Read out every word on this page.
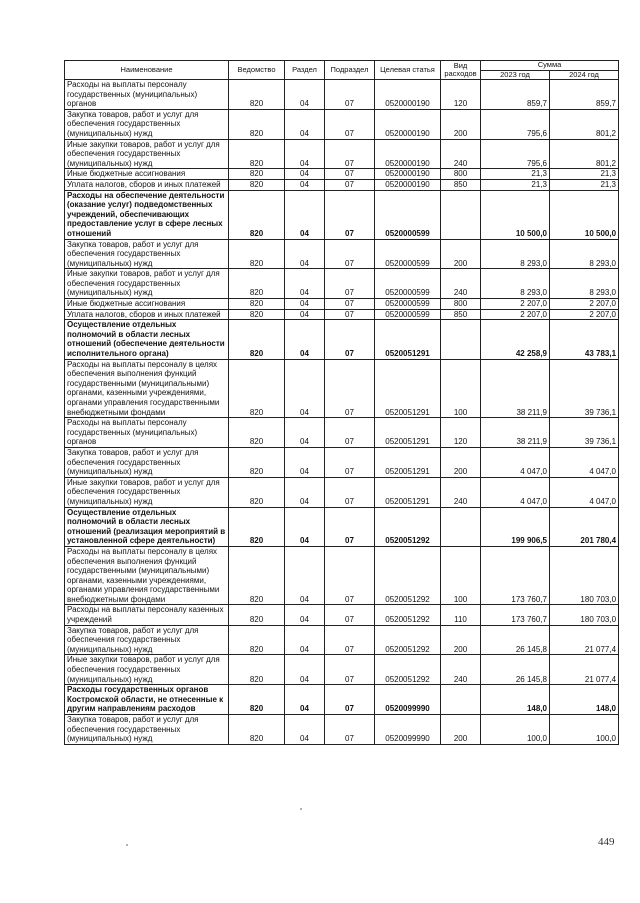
Наименование	Ведомство	Раздел	Подраздел	Целевая статья	Вид расходов	Сумма	
						2023 год	2024 год
Расходы на выплаты персоналу государственных (муниципальных) органов	820	04	07	0520000190	120	859,7	859,7
Закупка товаров, работ и услуг для обеспечения государственных (муниципальных) нужд	820	04	07	0520000190	200	795,6	801,2
Иные закупки товаров, работ и услуг для обеспечения государственных (муниципальных) нужд	820	04	07	0520000190	240	795,6	801,2
Иные бюджетные ассигнования	820	04	07	0520000190	800	21,3	21,3
Уплата налогов, сборов и иных платежей	820	04	07	0520000190	850	21,3	21,3
Расходы на обеспечение деятельности (оказание услуг) подведомственных учреждений, обеспечивающих предоставление услуг в сфере лесных отношений	820	04	07	0520000599		10 500,0	10 500,0
Закупка товаров, работ и услуг для обеспечения государственных (муниципальных) нужд	820	04	07	0520000599	200	8 293,0	8 293,0
Иные закупки товаров, работ и услуг для обеспечения государственных (муниципальных) нужд	820	04	07	0520000599	240	8 293,0	8 293,0
Иные бюджетные ассигнования	820	04	07	0520000599	800	2 207,0	2 207,0
Уплата налогов, сборов и иных платежей	820	04	07	0520000599	850	2 207,0	2 207,0
Осуществление отдельных полномочий в области лесных отношений (обеспечение деятельности исполнительного органа)	820	04	07	0520051291		42 258,9	43 783,1
Расходы на выплаты персоналу в целях обеспечения выполнения функций государственными (муниципальными) органами, казенными учреждениями, органами управления государственными внебюджетными фондами	820	04	07	0520051291	100	38 211,9	39 736,1
Расходы на выплаты персоналу государственных (муниципальных) органов	820	04	07	0520051291	120	38 211,9	39 736,1
Закупка товаров, работ и услуг для обеспечения государственных (муниципальных) нужд	820	04	07	0520051291	200	4 047,0	4 047,0
Иные закупки товаров, работ и услуг для обеспечения государственных (муниципальных) нужд	820	04	07	0520051291	240	4 047,0	4 047,0
Осуществление отдельных полномочий в области лесных отношений (реализация мероприятий в установленной сфере деятельности)	820	04	07	0520051292		199 906,5	201 780,4
Расходы на выплаты персоналу в целях обеспечения выполнения функций государственными (муниципальными) органами, казенными учреждениями, органами управления государственными внебюджетными фондами	820	04	07	0520051292	100	173 760,7	180 703,0
Расходы на выплаты персоналу казенных учреждений	820	04	07	0520051292	110	173 760,7	180 703,0
Закупка товаров, работ и услуг для обеспечения государственных (муниципальных) нужд	820	04	07	0520051292	200	26 145,8	21 077,4
Иные закупки товаров, работ и услуг для обеспечения государственных (муниципальных) нужд	820	04	07	0520051292	240	26 145,8	21 077,4
Расходы государственных органов Костромской области, не отнесенные к другим направлениям расходов	820	04	07	0520099990		148,0	148,0
Закупка товаров, работ и услуг для обеспечения государственных (муниципальных) нужд	820	04	07	0520099990	200	100,0	100,0
449
